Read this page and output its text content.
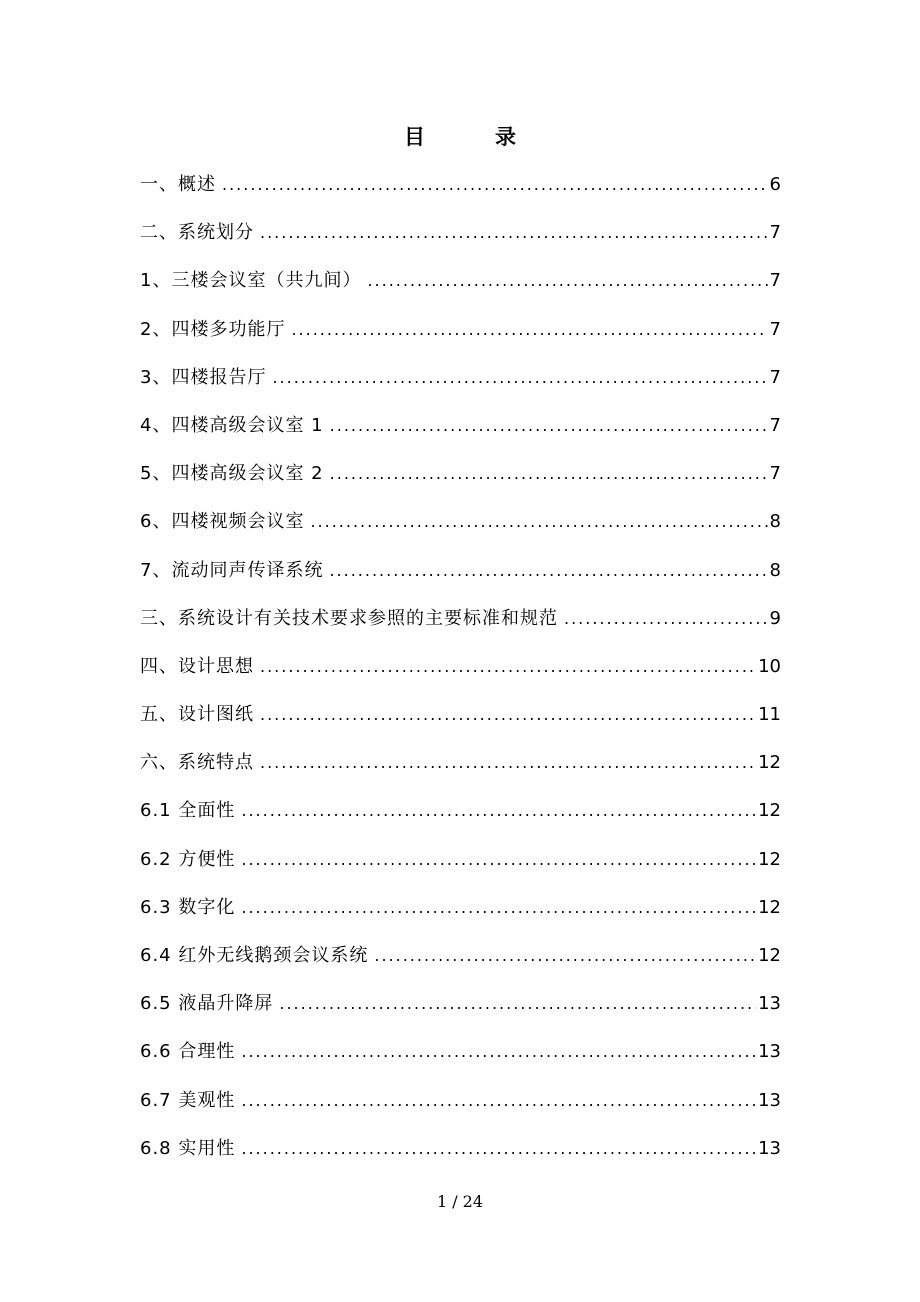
目	录
一、概述 .....	6
二、系统划分 .....	7
1、三楼会议室（共九间） .....	7
2、四楼多功能厅 .....	7
3、四楼报告厅 .....	7
4、四楼高级会议室 1 .....	7
5、四楼高级会议室 2 .....	7
6、四楼视频会议室 .....	8
7、流动同声传译系统 .....	8
三、系统设计有关技术要求参照的主要标准和规范 .....	9
四、设计思想 .....	10
五、设计图纸 .....	11
六、系统特点 .....	12
6.1 全面性 .....	12
6.2 方便性 .....	12
6.3 数字化 .....	12
6.4 红外无线鹅颈会议系统 .....	12
6.5 液晶升降屏 .....	13
6.6 合理性 .....	13
6.7 美观性 .....	13
6.8 实用性 .....	13
1 / 24
